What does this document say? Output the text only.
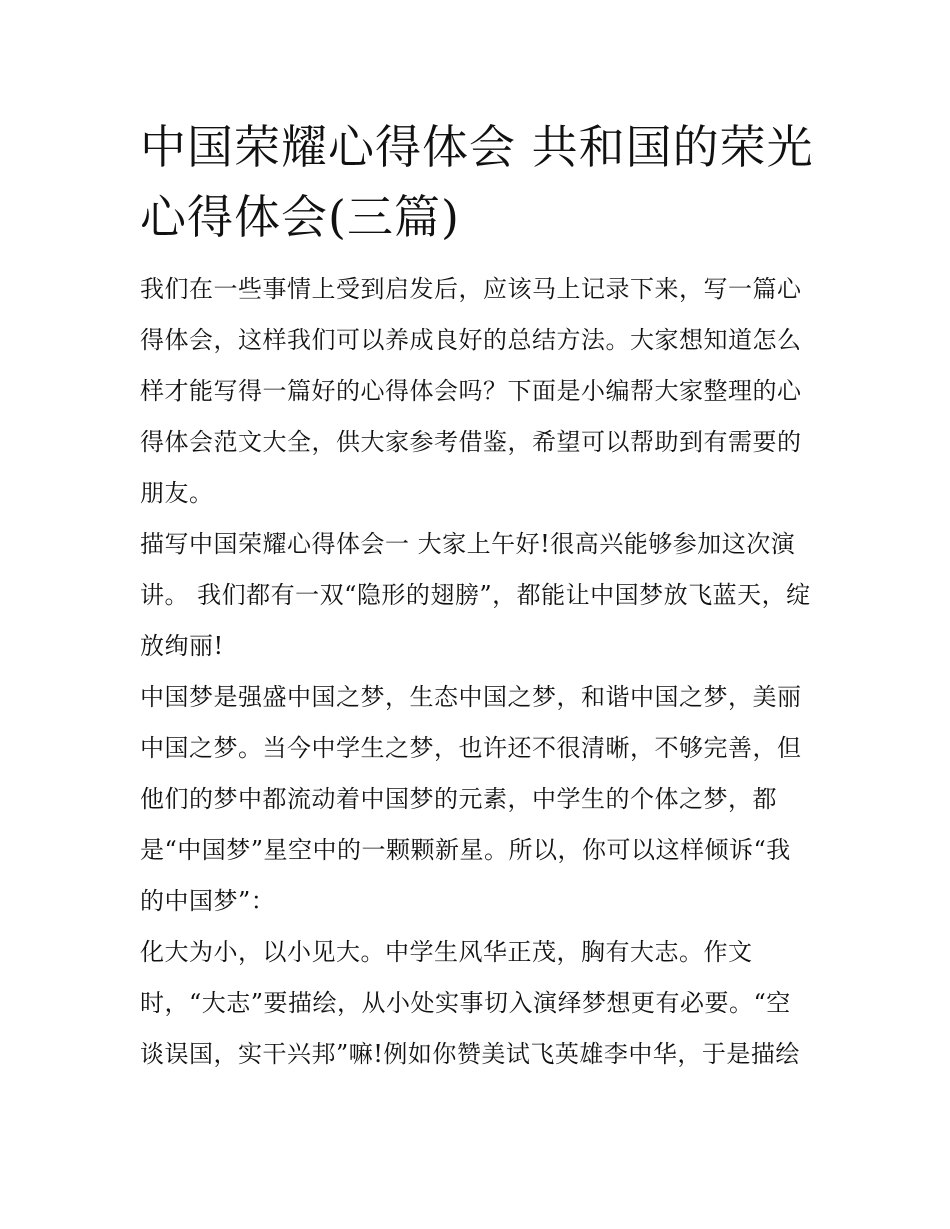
中国荣耀心得体会 共和国的荣光心得体会(三篇)

我们在一些事情上受到启发后，应该马上记录下来，写一篇心得体会，这样我们可以养成良好的总结方法。大家想知道怎么样才能写得一篇好的心得体会吗？下面是小编帮大家整理的心得体会范文大全，供大家参考借鉴，希望可以帮助到有需要的朋友。

描写中国荣耀心得体会一 大家上午好!很高兴能够参加这次演讲。 我们都有一双“隐形的翅膀”，都能让中国梦放飞蓝天，绽放绚丽!

中国梦是强盛中国之梦，生态中国之梦，和谐中国之梦，美丽中国之梦。当今中学生之梦，也许还不很清晰，不够完善，但他们的梦中都流动着中国梦的元素，中学生的个体之梦，都是“中国梦”星空中的一颗颗新星。所以，你可以这样倾诉“我的中国梦”：

化大为小，以小见大。中学生风华正茂，胸有大志。作文时，“大志”要描绘，从小处实事切入演绎梦想更有必要。“空谈误国，实干兴邦”嘛!例如你赞美试飞英雄李中华，于是描绘
